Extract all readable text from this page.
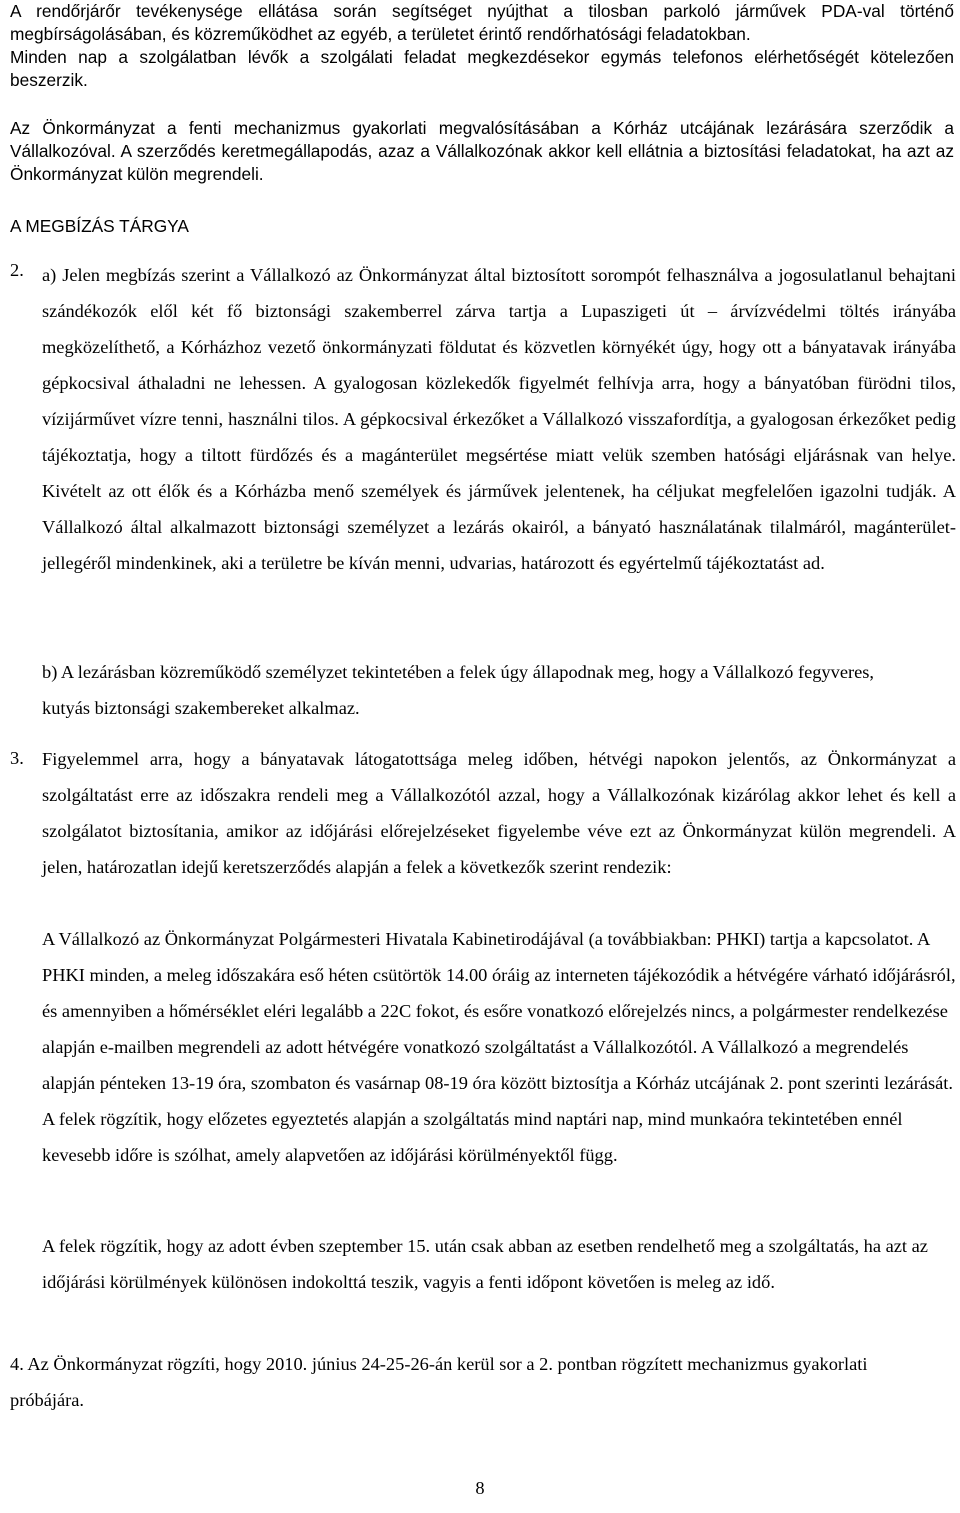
A rendőrjárőr tevékenysége ellátása során segítséget nyújthat a tilosban parkoló járművek PDA-val történő megbírságolásában, és közreműködhet az egyéb, a területet érintő rendőrhatósági feladatokban.

Minden nap a szolgálatban lévők a szolgálati feladat megkezdésekor egymás telefonos elérhetőségét kötelezően beszerzik.

Az Önkormányzat a fenti mechanizmus gyakorlati megvalósításában a Kórház utcájának lezárására szerződik a Vállalkozóval. A szerződés keretmegállapodás, azaz a Vállalkozónak akkor kell ellátnia a biztosítási feladatokat, ha azt az Önkormányzat külön megrendeli.

A MEGBÍZÁS TÁRGYA

2. a) Jelen megbízás szerint a Vállalkozó az Önkormányzat által biztosított sorompót felhasználva a jogosulatlanul behajtani szándékozók elől két fő biztonsági szakemberrel zárva tartja a Lupaszigeti út – árvízvédelmi töltés irányába megközelíthető, a Kórházhoz vezető önkormányzati földutat és közvetlen környékét úgy, hogy ott a bányatavak irányába gépkocsival áthaladni ne lehessen. A gyalogosan közlekedők figyelmét felhívja arra, hogy a bányatóban fürödni tilos, vízijárművet vízre tenni, használni tilos. A gépkocsival érkezőket a Vállalkozó visszafordítja, a gyalogosan érkezőket pedig tájékoztatja, hogy a tiltott fürdőzés és a magánterület megsértése miatt velük szemben hatósági eljárásnak van helye. Kivételt az ott élők és a Kórházba menő személyek és járművek jelentenek, ha céljukat megfelelően igazolni tudják. A Vállalkozó által alkalmazott biztonsági személyzet a lezárás okairól, a bányató használatának tilalmáról, magánterület-jellegéről mindenkinek, aki a területre be kíván menni, udvarias, határozott és egyértelmű tájékoztatást ad.

b) A lezárásban közreműködő személyzet tekintetében a felek úgy állapodnak meg, hogy a Vállalkozó fegyveres, kutyás biztonsági szakembereket alkalmaz.

3. Figyelemmel arra, hogy a bányatavak látogatottsága meleg időben, hétvégi napokon jelentős, az Önkormányzat a szolgáltatást erre az időszakra rendeli meg a Vállalkozótól azzal, hogy a Vállalkozónak kizárólag akkor lehet és kell a szolgálatot biztosítania, amikor az időjárási előrejelzéseket figyelembe véve ezt az Önkormányzat külön megrendeli. A jelen, határozatlan idejű keretszerződés alapján a felek a következők szerint rendezik:

A Vállalkozó az Önkormányzat Polgármesteri Hivatala Kabinetirodájával (a továbbiakban: PHKI) tartja a kapcsolatot. A PHKI minden, a meleg időszakára eső héten csütörtök 14.00 óráig az interneten tájékozódik a hétvégére várható időjárásról, és amennyiben a hőmérséklet eléri legalább a 22C fokot, és esőre vonatkozó előrejelzés nincs, a polgármester rendelkezése alapján e-mailben megrendeli az adott hétvégére vonatkozó szolgáltatást a Vállalkozótól. A Vállalkozó a megrendelés alapján pénteken 13-19 óra, szombaton és vasárnap 08-19 óra között biztosítja a Kórház utcájának 2. pont szerinti lezárását. A felek rögzítik, hogy előzetes egyeztetés alapján a szolgáltatás mind naptári nap, mind munkaóra tekintetében ennél kevesebb időre is szólhat, amely alapvetően az időjárási körülményektől függ.

A felek rögzítik, hogy az adott évben szeptember 15. után csak abban az esetben rendelhető meg a szolgáltatás, ha azt az időjárási körülmények különösen indokolttá teszik, vagyis a fenti időpont követően is meleg az idő.

4. Az Önkormányzat rögzíti, hogy 2010. június 24-25-26-án kerül sor a 2. pontban rögzített mechanizmus gyakorlati próbájára.

8
